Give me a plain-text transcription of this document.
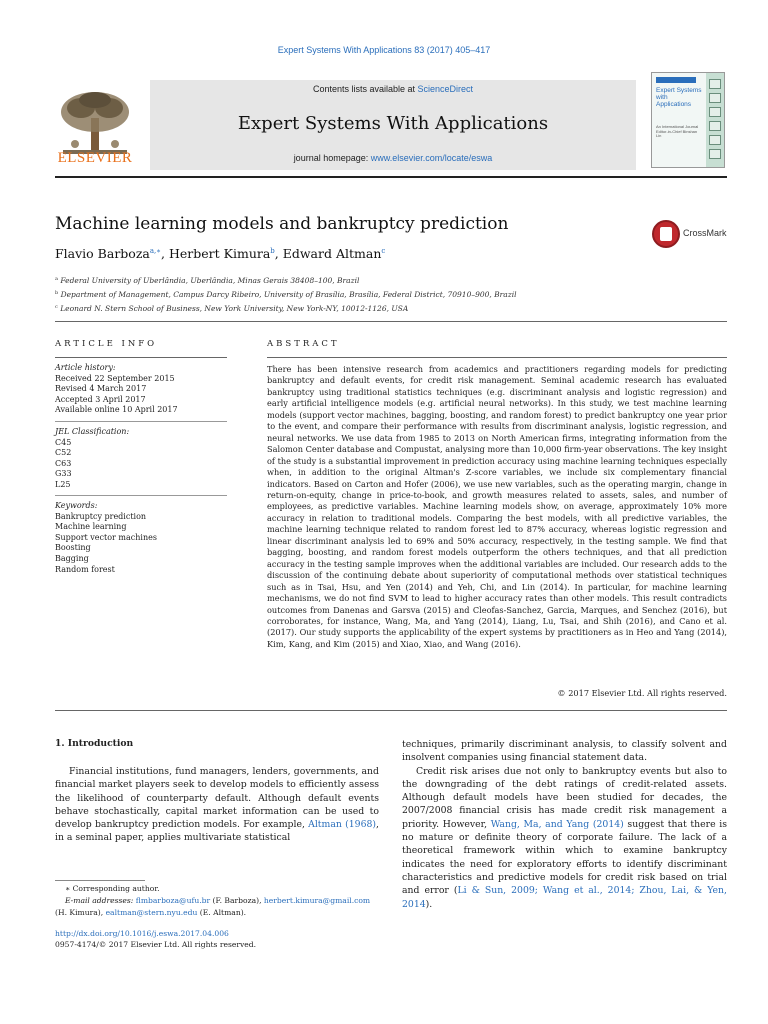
Expert Systems With Applications 83 (2017) 405–417
ELSEVIER
Contents lists available at ScienceDirect
Expert Systems With Applications
journal homepage: www.elsevier.com/locate/eswa
Expert Systems with Applications
An International Journal
Editor-in-Chief Binshan Lin
Machine learning models and bankruptcy prediction	CrossMark
Flavio Barboza$^{a,∗}$, Herbert Kimura$^b$, Edward Altman$^c$
$^a$ Federal University of Uberlândia, Uberlândia, Minas Gerais 38408–100, Brazil
$^b$ Department of Management, Campus Darcy Ribeiro, University of Brasília, Brasília, Federal District, 70910–900, Brazil
$^c$ Leonard N. Stern School of Business, New York University, New York-NY, 10012-1126, USA
ARTICLE INFO	ABSTRACT
Article history:
Received 22 September 2015
Revised 4 March 2017
Accepted 3 April 2017
Available online 10 April 2017
JEL Classification:
C45
C52
C63
G33
L25
Keywords:
Bankruptcy prediction
Machine learning
Support vector machines
Boosting
Bagging
Random forest
There has been intensive research from academics and practitioners regarding models for predicting bankruptcy and default events, for credit risk management. Seminal academic research has evaluated bankruptcy using traditional statistics techniques (e.g. discriminant analysis and logistic regression) and early artificial intelligence models (e.g. artificial neural networks). In this study, we test machine learning models (support vector machines, bagging, boosting, and random forest) to predict bankruptcy one year prior to the event, and compare their performance with results from discriminant analysis, logistic regression, and neural networks. We use data from 1985 to 2013 on North American firms, integrating information from the Salomon Center database and Compustat, analysing more than 10,000 firm-year observations. The key insight of the study is a substantial improvement in prediction accuracy using machine learning techniques especially when, in addition to the original Altman's Z-score variables, we include six complementary financial indicators. Based on Carton and Hofer (2006), we use new variables, such as the operating margin, change in return-on-equity, change in price-to-book, and growth measures related to assets, sales, and number of employees, as predictive variables. Machine learning models show, on average, approximately 10% more accuracy in relation to traditional models. Comparing the best models, with all predictive variables, the machine learning technique related to random forest led to 87% accuracy, whereas logistic regression and linear discriminant analysis led to 69% and 50% accuracy, respectively, in the testing sample. We find that bagging, boosting, and random forest models outperform the others techniques, and that all prediction accuracy in the testing sample improves when the additional variables are included. Our research adds to the discussion of the continuing debate about superiority of computational methods over statistical techniques such as in Tsai, Hsu, and Yen (2014) and Yeh, Chi, and Lin (2014). In particular, for machine learning mechanisms, we do not find SVM to lead to higher accuracy rates than other models. This result contradicts outcomes from Danenas and Garsva (2015) and Cleofas-Sanchez, Garcia, Marques, and Senchez (2016), but corroborates, for instance, Wang, Ma, and Yang (2014), Liang, Lu, Tsai, and Shih (2016), and Cano et al. (2017). Our study supports the applicability of the expert systems by practitioners as in Heo and Yang (2014), Kim, Kang, and Kim (2015) and Xiao, Xiao, and Wang (2016).
© 2017 Elsevier Ltd. All rights reserved.
1. Introduction

Financial institutions, fund managers, lenders, governments, and financial market players seek to develop models to efficiently assess the likelihood of counterparty default. Although default events behave stochastically, capital market information can be used to develop bankruptcy prediction models. For example, Altman (1968), in a seminal paper, applies multivariate statistical

techniques, primarily discriminant analysis, to classify solvent and insolvent companies using financial statement data.

Credit risk arises due not only to bankruptcy events but also to the downgrading of the debt ratings of credit-related assets. Although default models have been studied for decades, the 2007/2008 financial crisis has made credit risk management a priority. However, Wang, Ma, and Yang (2014) suggest that there is no mature or definite theory of corporate failure. The lack of a theoretical framework within which to examine bankruptcy indicates the need for exploratory efforts to identify discriminant characteristics and predictive models for credit risk based on trial and error (Li & Sun, 2009; Wang et al., 2014; Zhou, Lai, & Yen, 2014).

∗ Corresponding author.
E-mail addresses: flmbarboza@ufu.br (F. Barboza), herbert.kimura@gmail.com
(H. Kimura), ealtman@stern.nyu.edu (E. Altman).
http://dx.doi.org/10.1016/j.eswa.2017.04.006
0957-4174/© 2017 Elsevier Ltd. All rights reserved.
